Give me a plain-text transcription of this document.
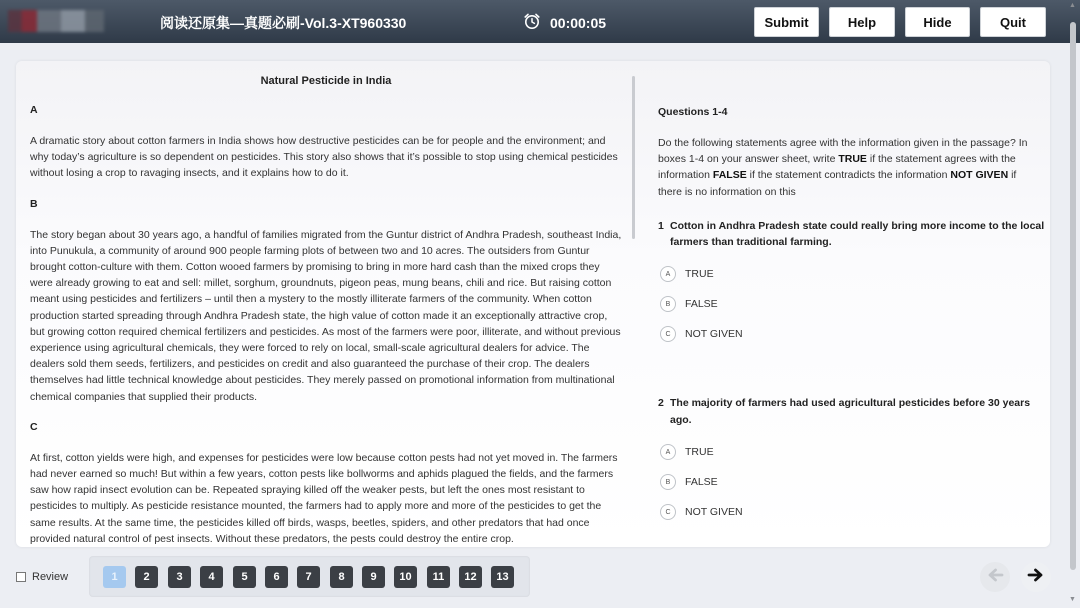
阅读还原集—真题必刷-Vol.3-XT960330	00:00:05	Submit	Help	Hide	Quit
Natural Pesticide in India
A
A dramatic story about cotton farmers in India shows how destructive pesticides can be for people and the environment; and why today’s agriculture is so dependent on pesticides. This story also shows that it’s possible to stop using chemical pesticides without losing a crop to ravaging insects, and it explains how to do it.
B
The story began about 30 years ago, a handful of families migrated from the Guntur district of Andhra Pradesh, southeast India, into Punukula, a community of around 900 people farming plots of between two and 10 acres. The outsiders from Guntur brought cotton-culture with them. Cotton wooed farmers by promising to bring in more hard cash than the mixed crops they were already growing to eat and sell: millet, sorghum, groundnuts, pigeon peas, mung beans, chili and rice. But raising cotton meant using pesticides and fertilizers – until then a mystery to the mostly illiterate farmers of the community. When cotton production started spreading through Andhra Pradesh state, the high value of cotton made it an exceptionally attractive crop, but growing cotton required chemical fertilizers and pesticides. As most of the farmers were poor, illiterate, and without previous experience using agricultural chemicals, they were forced to rely on local, small-scale agricultural dealers for advice. The dealers sold them seeds, fertilizers, and pesticides on credit and also guaranteed the purchase of their crop. The dealers themselves had little technical knowledge about pesticides. They merely passed on promotional information from multinational chemical companies that supplied their products.
C
At first, cotton yields were high, and expenses for pesticides were low because cotton pests had not yet moved in. The farmers had never earned so much! But within a few years, cotton pests like bollworms and aphids plagued the fields, and the farmers saw how rapid insect evolution can be. Repeated spraying killed off the weaker pests, but left the ones most resistant to pesticides to multiply. As pesticide resistance mounted, the farmers had to apply more and more of the pesticides to get the same results. At the same time, the pesticides killed off birds, wasps, beetles, spiders, and other predators that had once provided natural control of pest insects. Without these predators, the pests could destroy the entire crop.
Questions 1-4
Do the following statements agree with the information given in the passage? In boxes 1-4 on your answer sheet, write TRUE if the statement agrees with the information FALSE if the statement contradicts the information NOT GIVEN if there is no information on this
1 Cotton in Andhra Pradesh state could really bring more income to the local farmers than traditional farming.
A	TRUE
B	FALSE
C	NOT GIVEN
2 The majority of farmers had used agricultural pesticides before 30 years ago.
A	TRUE
B	FALSE
C	NOT GIVEN
▲
▼
Review	1	2	3	4	5	6	7	8	9	10	11	12	13
